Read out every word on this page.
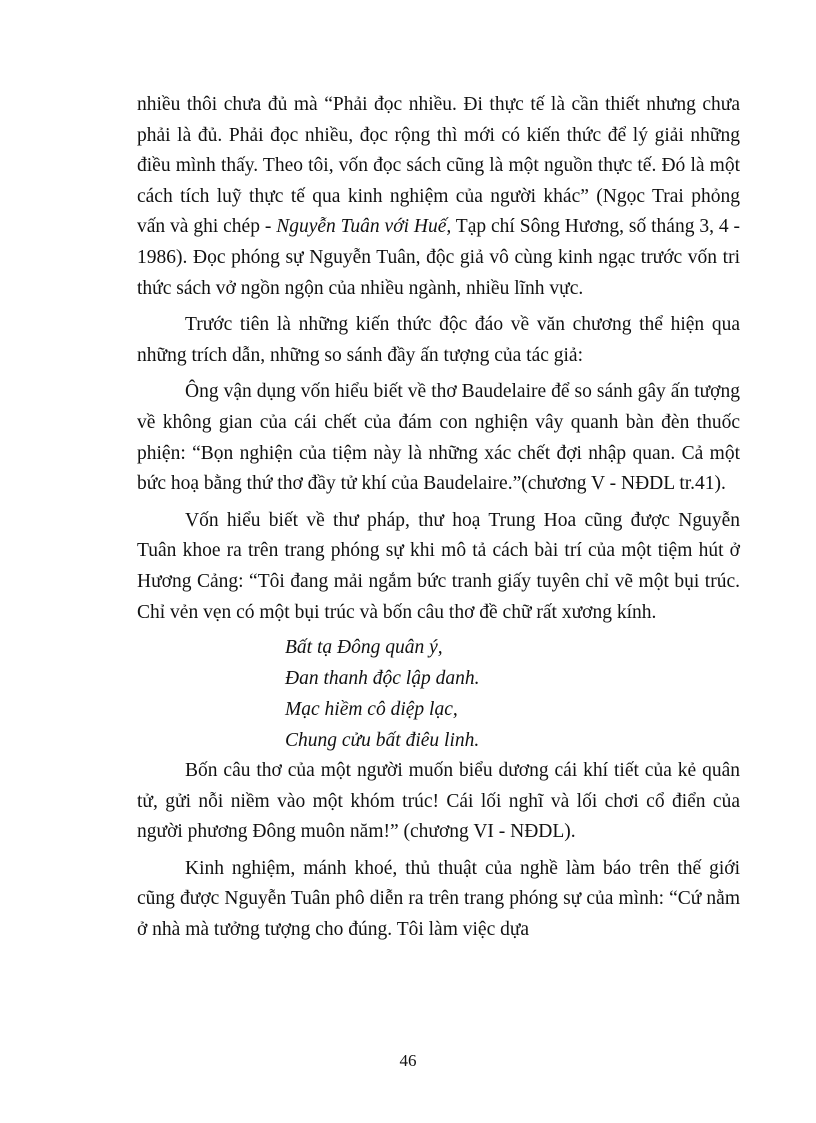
nhiều thôi chưa đủ mà “Phải đọc nhiều. Đi thực tế là cần thiết nhưng chưa phải là đủ. Phải đọc nhiều, đọc rộng thì mới có kiến thức để lý giải những điều mình thấy. Theo tôi, vốn đọc sách cũng là một nguồn thực tế. Đó là một cách tích luỹ thực tế qua kinh nghiệm của người khác” (Ngọc Trai phỏng vấn và ghi chép - Nguyễn Tuân với Huế, Tạp chí Sông Hương, số tháng 3, 4 - 1986). Đọc phóng sự Nguyễn Tuân, độc giả vô cùng kinh ngạc trước vốn tri thức sách vở ngồn ngộn của nhiều ngành, nhiều lĩnh vực.

Trước tiên là những kiến thức độc đáo về văn chương thể hiện qua những trích dẫn, những so sánh đầy ấn tượng của tác giả:

Ông vận dụng vốn hiểu biết về thơ Baudelaire để so sánh gây ấn tượng về không gian của cái chết của đám con nghiện vây quanh bàn đèn thuốc phiện: “Bọn nghiện của tiệm này là những xác chết đợi nhập quan. Cả một bức hoạ bằng thứ thơ đầy tử khí của Baudelaire.”(chương V - NĐDL tr.41).

Vốn hiểu biết về thư pháp, thư hoạ Trung Hoa cũng được Nguyễn Tuân khoe ra trên trang phóng sự khi mô tả cách bài trí của một tiệm hút ở Hương Cảng: “Tôi đang mải ngắm bức tranh giấy tuyên chỉ vẽ một bụi trúc. Chỉ vẻn vẹn có một bụi trúc và bốn câu thơ đề chữ rất xương kính.

Bất tạ Đông quân ý,
Đan thanh độc lập danh.
Mạc hiềm cô diệp lạc,
Chung cửu bất điêu linh.

Bốn câu thơ của một người muốn biểu dương cái khí tiết của kẻ quân tử, gửi nỗi niềm vào một khóm trúc! Cái lối nghĩ và lối chơi cổ điển của người phương Đông muôn năm!” (chương VI - NĐDL).

Kinh nghiệm, mánh khoé, thủ thuật của nghề làm báo trên thế giới cũng được Nguyễn Tuân phô diễn ra trên trang phóng sự của mình: “Cứ nằm ở nhà mà tưởng tượng cho đúng. Tôi làm việc dựa

46
